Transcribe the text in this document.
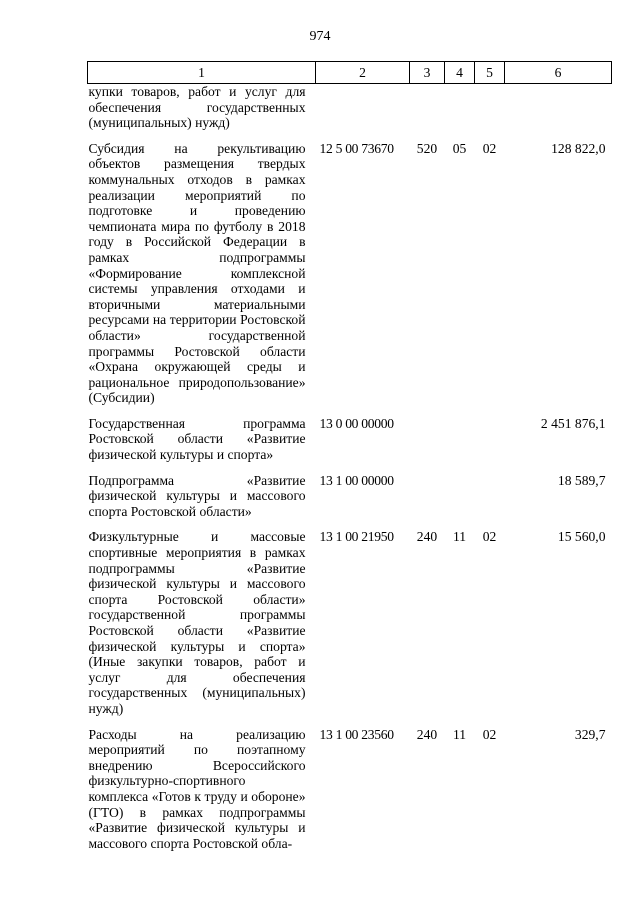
974
1	2	3	4	5	6
купки товаров, работ и услуг для обеспечения государственных (муниципальных) нужд)					
Субсидия на рекультивацию объектов размещения твердых коммунальных отходов в рамках реализации мероприятий по подготовке и проведению чемпионата мира по футболу в 2018 году в Российской Федерации в рамках подпрограммы «Формирование комплексной системы управления отходами и вторичными материальными ресурсами на территории Ростовской области» государственной программы Ростовской области «Охрана окружающей среды и рациональное природопользование» (Субсидии)	12 5 00 73670	520	05	02	128 822,0
Государственная программа Ростовской области «Развитие физической культуры и спорта»	13 0 00 00000				2 451 876,1
Подпрограмма «Развитие физической культуры и массового спорта Ростовской области»	13 1 00 00000				18 589,7
Физкультурные и массовые спортивные мероприятия в рамках подпрограммы «Развитие физической культуры и массового спорта Ростовской области» государственной программы Ростовской области «Развитие физической культуры и спорта» (Иные закупки товаров, работ и услуг для обеспечения государственных (муниципальных) нужд)	13 1 00 21950	240	11	02	15 560,0
Расходы на реализацию мероприятий по поэтапному внедрению Всероссийского физкультурно-спортивного комплекса «Готов к труду и обороне» (ГТО) в рамках подпрограммы «Развитие физической культуры и массового спорта Ростовской обла-	13 1 00 23560	240	11	02	329,7
